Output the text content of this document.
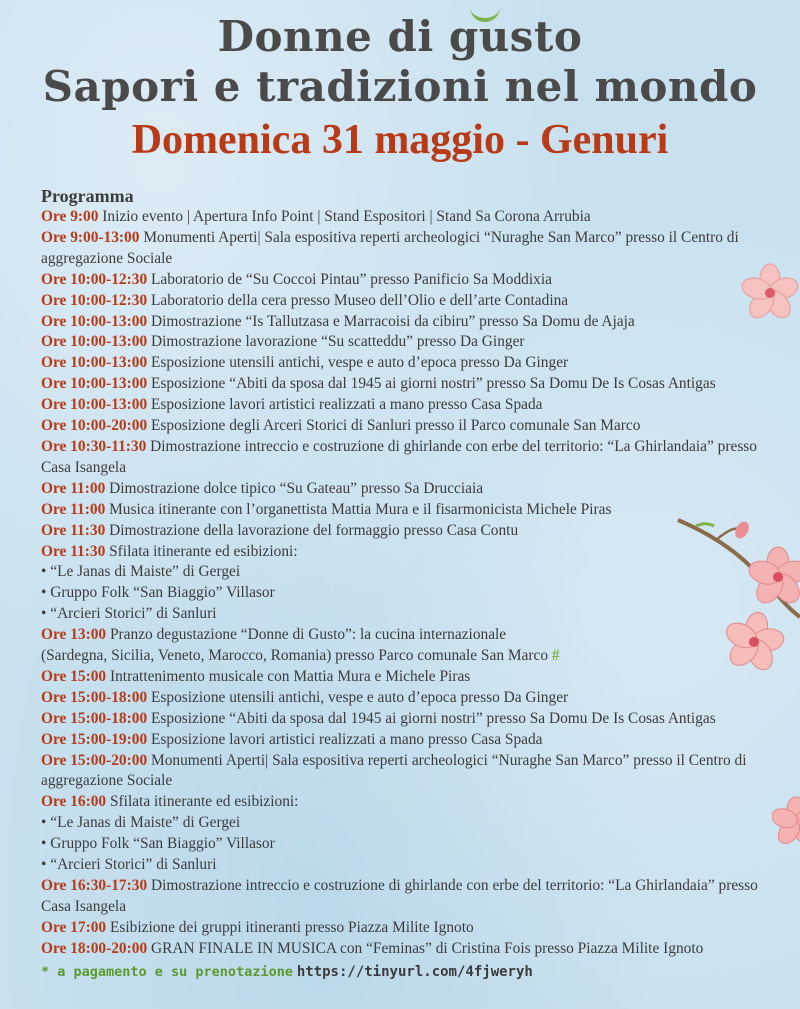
Donne di gusto
Sapori e tradizioni nel mondo
Domenica 31 maggio - Genuri
Programma
Ore 9:00 Inizio evento | Apertura Info Point | Stand Espositori | Stand Sa Corona Arrubia
Ore 9:00-13:00 Monumenti Aperti| Sala espositiva reperti archeologici “Nuraghe San Marco” presso il Centro di aggregazione Sociale
Ore 10:00-12:30 Laboratorio de “Su Coccoi Pintau” presso Panificio Sa Moddixia
Ore 10:00-12:30 Laboratorio della cera presso Museo dell’Olio e dell’arte Contadina
Ore 10:00-13:00 Dimostrazione “Is Tallutzasa e Marracoisi da cibiru” presso Sa Domu de Ajaja
Ore 10:00-13:00 Dimostrazione lavorazione “Su scatteddu” presso Da Ginger
Ore 10:00-13:00 Esposizione utensili antichi, vespe e auto d’epoca presso Da Ginger
Ore 10:00-13:00 Esposizione “Abiti da sposa dal 1945 ai giorni nostri” presso Sa Domu De Is Cosas Antigas
Ore 10:00-13:00 Esposizione lavori artistici realizzati a mano presso Casa Spada
Ore 10:00-20:00 Esposizione degli Arceri Storici di Sanluri presso il Parco comunale San Marco
Ore 10:30-11:30 Dimostrazione intreccio e costruzione di ghirlande con erbe del territorio: “La Ghirlandaia” presso Casa Isangela
Ore 11:00 Dimostrazione dolce tipico “Su Gateau” presso Sa Drucciaia
Ore 11:00 Musica itinerante con l’organettista Mattia Mura e il fisarmonicista Michele Piras
Ore 11:30 Dimostrazione della lavorazione del formaggio presso Casa Contu
Ore 11:30 Sfilata itinerante ed esibizioni:
• “Le Janas di Maiste” di Gergei
• Gruppo Folk “San Biaggio” Villasor
• “Arcieri Storici” di Sanluri
Ore 13:00 Pranzo degustazione “Donne di Gusto”: la cucina internazionale
(Sardegna, Sicilia, Veneto, Marocco, Romania) presso Parco comunale San Marco #
Ore 15:00 Intrattenimento musicale con Mattia Mura e Michele Piras
Ore 15:00-18:00 Esposizione utensili antichi, vespe e auto d’epoca presso Da Ginger
Ore 15:00-18:00 Esposizione “Abiti da sposa dal 1945 ai giorni nostri” presso Sa Domu De Is Cosas Antigas
Ore 15:00-19:00 Esposizione lavori artistici realizzati a mano presso Casa Spada
Ore 15:00-20:00 Monumenti Aperti| Sala espositiva reperti archeologici “Nuraghe San Marco” presso il Centro di aggregazione Sociale
Ore 16:00 Sfilata itinerante ed esibizioni:
• “Le Janas di Maiste” di Gergei
• Gruppo Folk “San Biaggio” Villasor
• “Arcieri Storici” di Sanluri
Ore 16:30-17:30 Dimostrazione intreccio e costruzione di ghirlande con erbe del territorio: “La Ghirlandaia” presso Casa Isangela
Ore 17:00 Esibizione dei gruppi itineranti presso Piazza Milite Ignoto
Ore 18:00-20:00 GRAN FINALE IN MUSICA con “Feminas” di Cristina Fois presso Piazza Milite Ignoto
* a pagamento e su prenotazione https://tinyurl.com/4fjweryh
